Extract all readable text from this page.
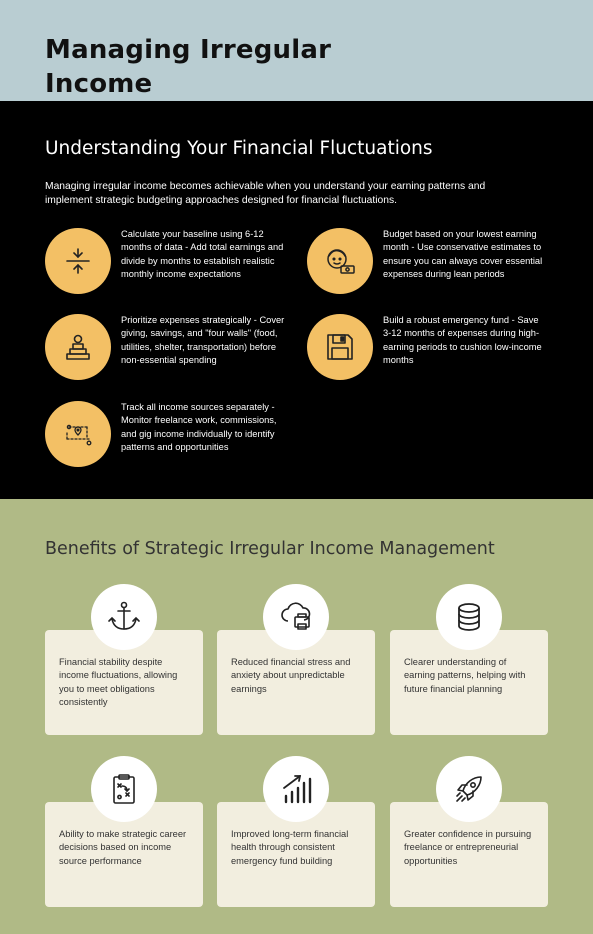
Managing Irregular Income
Understanding Your Financial Fluctuations

Managing irregular income becomes achievable when you understand your earning patterns and implement strategic budgeting approaches designed for financial fluctuations.

Calculate your baseline using 6-12 months of data - Add total earnings and divide by months to establish realistic monthly income expectations
Budget based on your lowest earning month - Use conservative estimates to ensure you can always cover essential expenses during lean periods
Prioritize expenses strategically - Cover giving, savings, and "four walls" (food, utilities, shelter, transportation) before non-essential spending
Build a robust emergency fund - Save 3-12 months of expenses during high-earning periods to cushion low-income months
Track all income sources separately - Monitor freelance work, commissions, and gig income individually to identify patterns and opportunities
Benefits of Strategic Irregular Income Management
Financial stability despite income fluctuations, allowing you to meet obligations consistently
Reduced financial stress and anxiety about unpredictable earnings
Clearer understanding of earning patterns, helping with future financial planning
Ability to make strategic career decisions based on income source performance
Improved long-term financial health through consistent emergency fund building
Greater confidence in pursuing freelance or entrepreneurial opportunities
